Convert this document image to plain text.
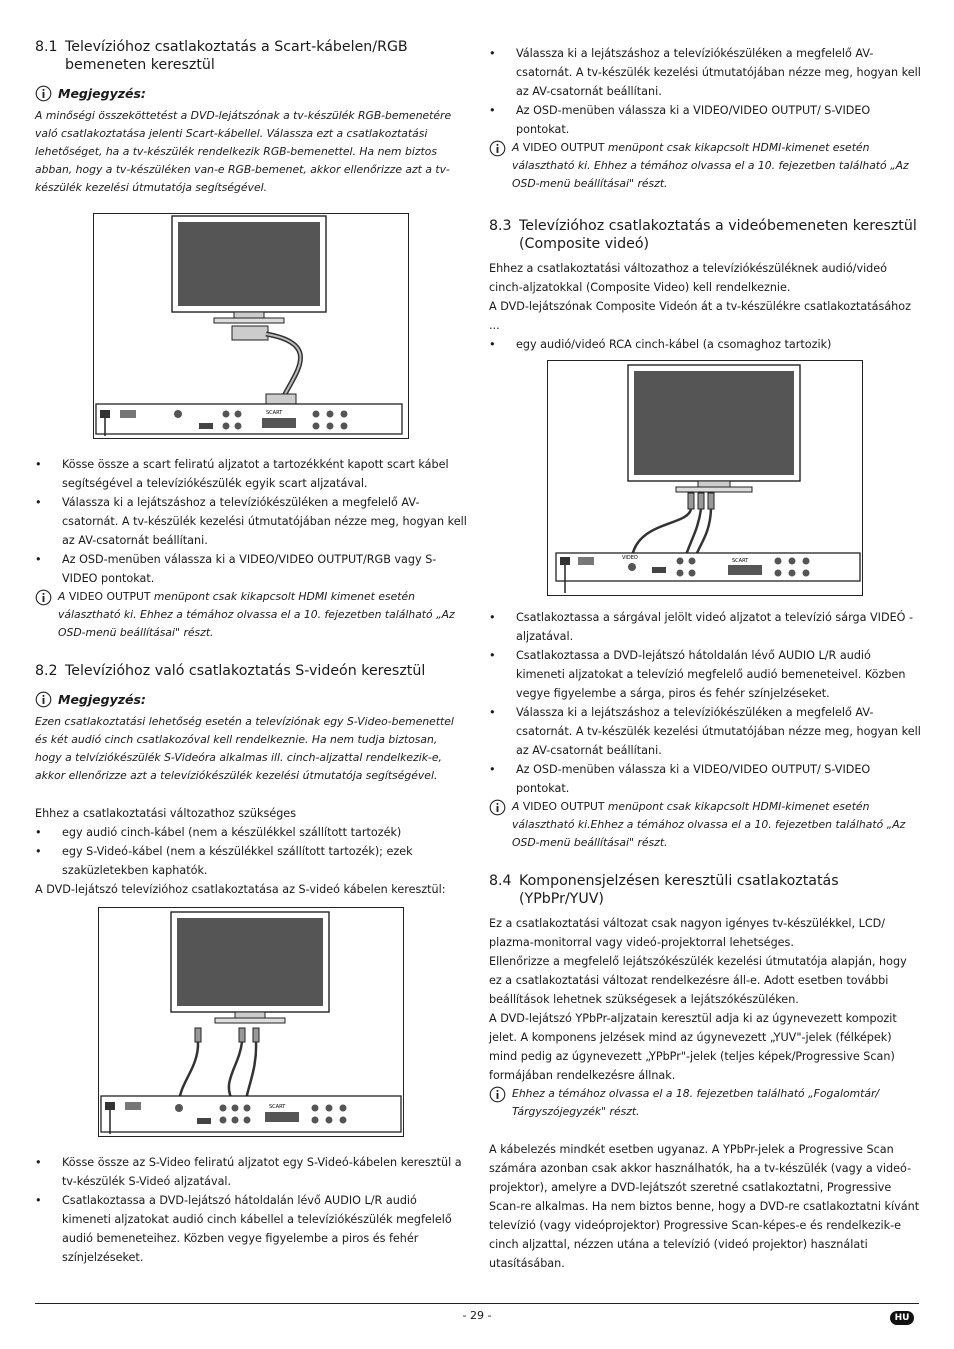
8.1 Televízióhoz csatlakoztatás a Scart-kábelen/RGB bemeneten keresztül
Megjegyzés:

A minőségi összeköttetést a DVD-lejátszónak a tv-készülék RGB-bemenetére való csatlakoztatása jelenti Scart-kábellel. Válassza ezt a csatlakoztatási lehetőséget, ha a tv-készülék rendelkezik RGB-bemenettel. Ha nem biztos abban, hogy a tv-készüléken van-e RGB-bemenet, akkor ellenőrizze azt a tv-készülék kezelési útmutatója segítségével.

SCART
• Kösse össze a scart feliratú aljzatot a tartozékként kapott scart kábel segítségével a televíziókészülék egyik scart aljzatával.
• Válassza ki a lejátszáshoz a televíziókészüléken a megfelelő AV-csatornát. A tv-készülék kezelési útmutatójában nézze meg, hogyan kell az AV-csatornát beállítani.
• Az OSD-menüben válassza ki a VIDEO/VIDEO OUTPUT/RGB vagy S-VIDEO pontokat.
A VIDEO OUTPUT menüpont csak kikapcsolt HDMI kimenet esetén választható ki. Ehhez a témához olvassa el a 10. fejezetben található „Az OSD-menü beállításai" részt.
8.2 Televízióhoz való csatlakoztatás S-videón keresztül
Megjegyzés:

Ezen csatlakoztatási lehetőség esetén a televíziónak egy S-Video-bemenettel és két audió cinch csatlakozóval kell rendelkeznie. Ha nem tudja biztosan, hogy a telvíziókészülék S-Videóra alkalmas ill. cinch-aljzattal rendelkezik-e, akkor ellenőrizze azt a televíziókészülék kezelési útmutatója segítségével.

Ehhez a csatlakoztatási változathoz szükséges

• egy audió cinch-kábel (nem a készülékkel szállított tartozék)
• egy S-Videó-kábel (nem a készülékkel szállított tartozék); ezek szaküzletekben kaphatók.

A DVD-lejátszó televízióhoz csatlakoztatása az S-videó kábelen keresztül:

SCART
• Kösse össze az S-Video feliratú aljzatot egy S-Videó-kábelen keresztül a tv-készülék S-Videó aljzatával.
• Csatlakoztassa a DVD-lejátszó hátoldalán lévő AUDIO L/R audió kimeneti aljzatokat audió cinch kábellel a televíziókészülék megfelelő audió bemeneteihez. Közben vegye figyelembe a piros és fehér színjelzéseket.
• Válassza ki a lejátszáshoz a televíziókészüléken a megfelelő AV-csatornát. A tv-készülék kezelési útmutatójában nézze meg, hogyan kell az AV-csatornát beállítani.
• Az OSD-menüben válassza ki a VIDEO/VIDEO OUTPUT/ S-VIDEO pontokat.
A VIDEO OUTPUT menüpont csak kikapcsolt HDMI-kimenet esetén választható ki. Ehhez a témához olvassa el a 10. fejezetben található „Az OSD-menü beállításai" részt.
8.3 Televízióhoz csatlakoztatás a videóbemeneten keresztül (Composite videó)

Ehhez a csatlakoztatási változathoz a televíziókészüléknek audió/videó cinch-aljzatokkal (Composite Video) kell rendelkeznie.

A DVD-lejátszónak Composite Videón át a tv-készülékre csatlakoztatásához ...

• egy audió/videó RCA cinch-kábel (a csomaghoz tartozik)
VIDEO	SCART
• Csatlakoztassa a sárgával jelölt videó aljzatot a televízió sárga VIDEÓ - aljzatával.
• Csatlakoztassa a DVD-lejátszó hátoldalán lévő AUDIO L/R audió kimeneti aljzatokat a televízió megfelelő audió bemeneteivel. Közben vegye figyelembe a sárga, piros és fehér színjelzéseket.
• Válassza ki a lejátszáshoz a televíziókészüléken a megfelelő AV-csatornát. A tv-készülék kezelési útmutatójában nézze meg, hogyan kell az AV-csatornát beállítani.
• Az OSD-menüben válassza ki a VIDEO/VIDEO OUTPUT/ S-VIDEO pontokat.
A VIDEO OUTPUT menüpont csak kikapcsolt HDMI-kimenet esetén választható ki.Ehhez a témához olvassa el a 10. fejezetben található „Az OSD-menü beállításai" részt.
8.4 Komponensjelzésen keresztüli csatlakoztatás (YPbPr/YUV)

Ez a csatlakoztatási változat csak nagyon igényes tv-készülékkel, LCD/ plazma-monitorral vagy videó-projektorral lehetséges.

Ellenőrizze a megfelelő lejátszókészülék kezelési útmutatója alapján, hogy ez a csatlakoztatási változat rendelkezésre áll-e. Adott esetben további beállítások lehetnek szükségesek a lejátszókészüléken.

A DVD-lejátszó YPbPr-aljzatain keresztül adja ki az úgynevezett kompozit jelet. A komponens jelzések mind az úgynevezett „YUV"-jelek (félképek) mind pedig az úgynevezett „YPbPr"-jelek (teljes képek/Progressive Scan) formájában rendelkezésre állnak.

Ehhez a témához olvassa el a 18. fejezetben található „Fogalomtár/ Tárgyszójegyzék" részt.

A kábelezés mindkét esetben ugyanaz. A YPbPr-jelek a Progressive Scan számára azonban csak akkor használhatók, ha a tv-készülék (vagy a videó-projektor), amelyre a DVD-lejátszót szeretné csatlakoztatni, Progressive Scan-re alkalmas. Ha nem biztos benne, hogy a DVD-re csatlakoztatni kívánt televízió (vagy videóprojektor) Progressive Scan-képes-e és rendelkezik-e cinch aljzattal, nézzen utána a televízió (videó projektor) használati utasításában.

- 29 -	HU
